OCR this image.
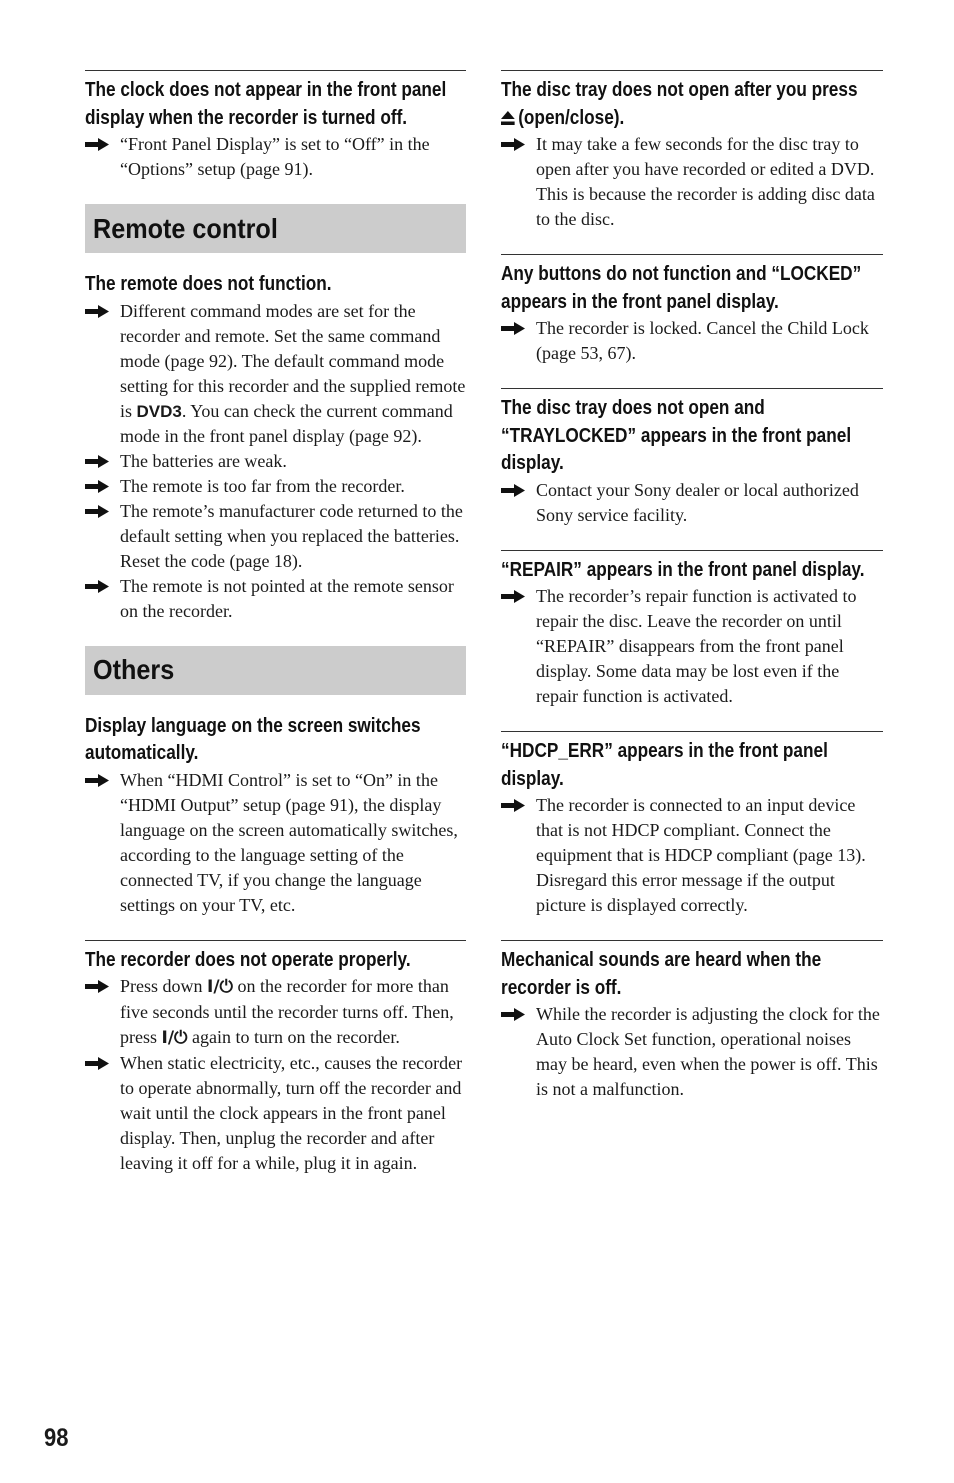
The clock does not appear in the front panel display when the recorder is turned off.
“Front Panel Display” is set to “Off” in the “Options” setup (page 91).
Remote control
The remote does not function.
Different command modes are set for the recorder and remote. Set the same command mode (page 92). The default command mode setting for this recorder and the supplied remote is DVD3. You can check the current command mode in the front panel display (page 92).
The batteries are weak.
The remote is too far from the recorder.
The remote’s manufacturer code returned to the default setting when you replaced the batteries. Reset the code (page 18).
The remote is not pointed at the remote sensor on the recorder.
Others
Display language on the screen switches automatically.
When “HDMI Control” is set to “On” in the “HDMI Output” setup (page 91), the display language on the screen automatically switches, according to the language setting of the connected TV, if you change the language settings on your TV, etc.
The recorder does not operate properly.
Press down I/⏻ on the recorder for more than five seconds until the recorder turns off. Then, press I/⏻ again to turn on the recorder.
When static electricity, etc., causes the recorder to operate abnormally, turn off the recorder and wait until the clock appears in the front panel display. Then, unplug the recorder and after leaving it off for a while, plug it in again.
The disc tray does not open after you press
(open/close).
It may take a few seconds for the disc tray to open after you have recorded or edited a DVD. This is because the recorder is adding disc data to the disc.
Any buttons do not function and “LOCKED” appears in the front panel display.
The recorder is locked. Cancel the Child Lock (page 53, 67).
The disc tray does not open and “TRAYLOCKED” appears in the front panel display.
Contact your Sony dealer or local authorized Sony service facility.
“REPAIR” appears in the front panel display.
The recorder’s repair function is activated to repair the disc. Leave the recorder on until “REPAIR” disappears from the front panel display. Some data may be lost even if the repair function is activated.
“HDCP_ERR” appears in the front panel display.
The recorder is connected to an input device that is not HDCP compliant. Connect the equipment that is HDCP compliant (page 13).
Disregard this error message if the output picture is displayed correctly.
Mechanical sounds are heard when the recorder is off.
While the recorder is adjusting the clock for the Auto Clock Set function, operational noises may be heard, even when the power is off. This is not a malfunction.
98
